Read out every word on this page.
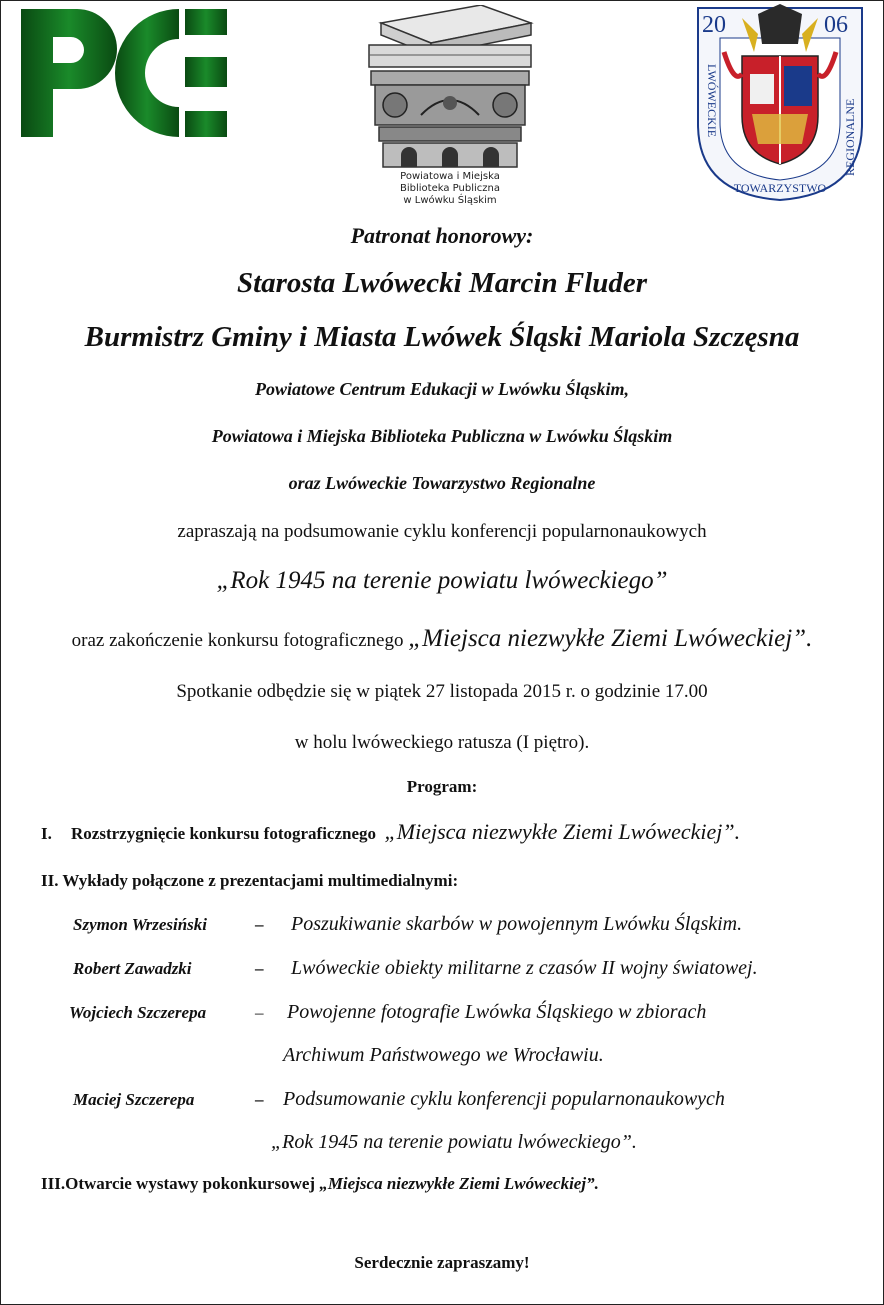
Powiatowa i Miejska
Biblioteka Publiczna
w Lwówku Śląskim
20	06
LWÓWECKIE
TOWARZYSTWO
REGIONALNE
Patronat honorowy:
Starosta Lwówecki Marcin Fluder
Burmistrz Gminy i Miasta Lwówek Śląski Mariola Szczęsna
Powiatowe Centrum Edukacji w Lwówku Śląskim,
Powiatowa i Miejska Biblioteka Publiczna w Lwówku Śląskim
oraz Lwóweckie Towarzystwo Regionalne
zapraszają na podsumowanie cyklu konferencji popularnonaukowych
„Rok 1945 na terenie powiatu lwóweckiego”
oraz zakończenie konkursu fotograficznego „Miejsca niezwykłe Ziemi Lwóweckiej”.
Spotkanie odbędzie się w piątek 27 listopada 2015 r. o godzinie 17.00
w holu lwóweckiego ratusza (I piętro).
Program:
I. Rozstrzygnięcie konkursu fotograficznego „Miejsca niezwykłe Ziemi Lwóweckiej”.
II. Wykłady połączone z prezentacjami multimedialnymi:
Szymon Wrzesiński	– Poszukiwanie skarbów w powojennym Lwówku Śląskim.
Robert Zawadzki	– Lwóweckie obiekty militarne z czasów II wojny światowej.
Wojciech Szczerepa	– Powojenne fotografie Lwówka Śląskiego w zbiorach
Archiwum Państwowego we Wrocławiu.
Maciej Szczerepa	– Podsumowanie cyklu konferencji popularnonaukowych
„Rok 1945 na terenie powiatu lwóweckiego”.
III.Otwarcie wystawy pokonkursowej „Miejsca niezwykłe Ziemi Lwóweckiej”.
Serdecznie zapraszamy!
